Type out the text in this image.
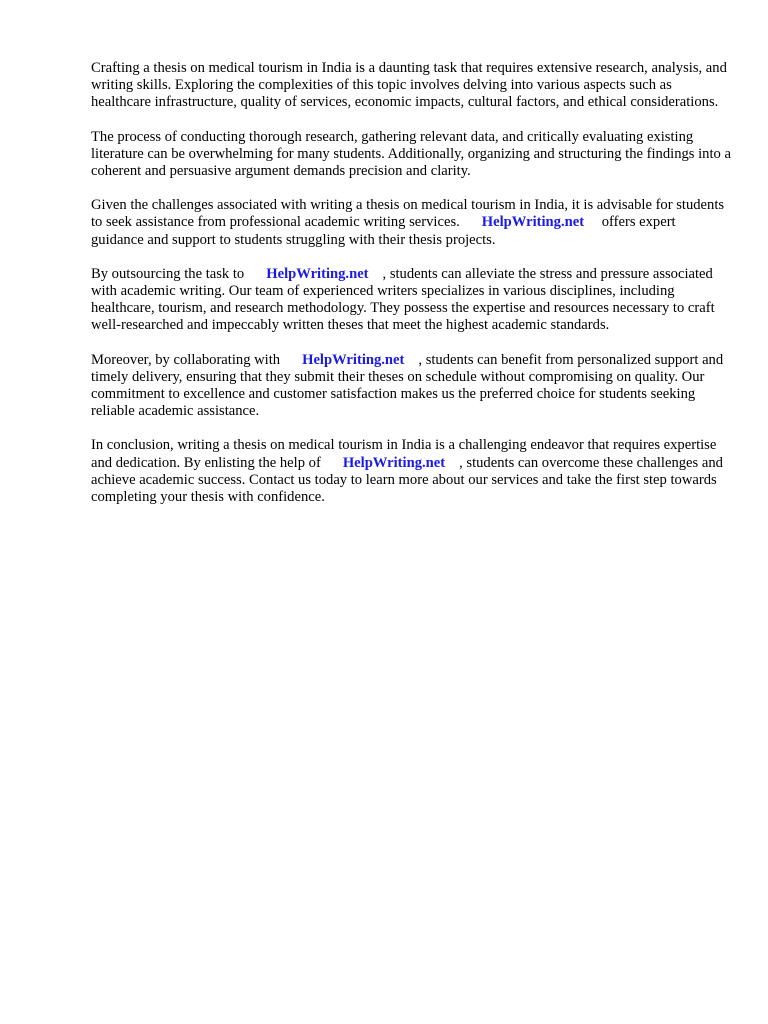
Crafting a thesis on medical tourism in India is a daunting task that requires extensive research, analysis, and writing skills. Exploring the complexities of this topic involves delving into various aspects such as healthcare infrastructure, quality of services, economic impacts, cultural factors, and ethical considerations.

The process of conducting thorough research, gathering relevant data, and critically evaluating existing literature can be overwhelming for many students. Additionally, organizing and structuring the findings into a coherent and persuasive argument demands precision and clarity.

Given the challenges associated with writing a thesis on medical tourism in India, it is advisable for students to seek assistance from professional academic writing services. HelpWriting.net offers expert guidance and support to students struggling with their thesis projects.

By outsourcing the task to HelpWriting.net , students can alleviate the stress and pressure associated with academic writing. Our team of experienced writers specializes in various disciplines, including healthcare, tourism, and research methodology. They possess the expertise and resources necessary to craft well-researched and impeccably written theses that meet the highest academic standards.

Moreover, by collaborating with HelpWriting.net , students can benefit from personalized support and timely delivery, ensuring that they submit their theses on schedule without compromising on quality. Our commitment to excellence and customer satisfaction makes us the preferred choice for students seeking reliable academic assistance.

In conclusion, writing a thesis on medical tourism in India is a challenging endeavor that requires expertise and dedication. By enlisting the help of HelpWriting.net , students can overcome these challenges and achieve academic success. Contact us today to learn more about our services and take the first step towards completing your thesis with confidence.
